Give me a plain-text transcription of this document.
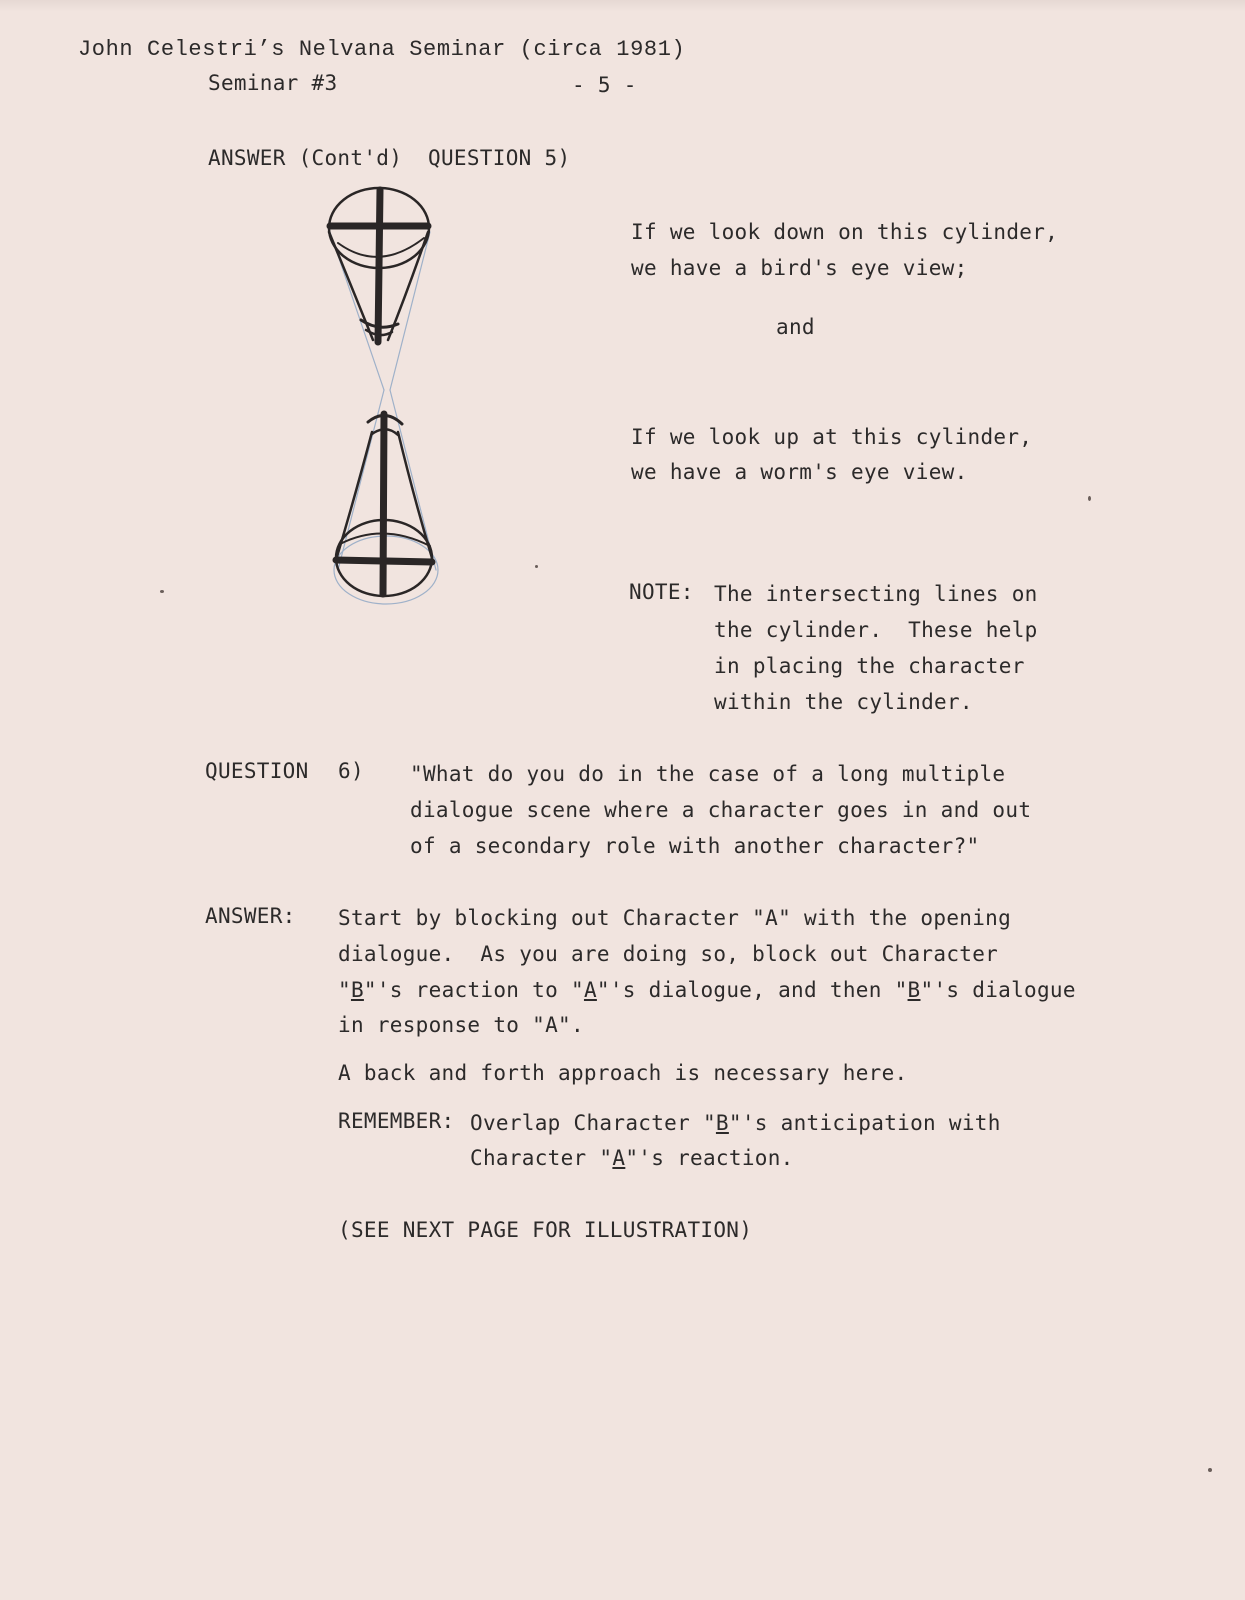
John Celestri’s Nelvana Seminar (circa 1981)
Seminar #3	- 5 -
ANSWER (Cont'd)  QUESTION 5)
If we look down on this cylinder,
we have a bird's eye view;
and
If we look up at this cylinder,
we have a worm's eye view.
NOTE: The intersecting lines on
the cylinder.  These help
in placing the character
within the cylinder.
QUESTION 6) "What do you do in the case of a long multiple
dialogue scene where a character goes in and out
of a secondary role with another character?"
ANSWER: Start by blocking out Character "A" with the opening
dialogue.  As you are doing so, block out Character
"B"'s reaction to "A"'s dialogue, and then "B"'s dialogue
in response to "A".
A back and forth approach is necessary here.
REMEMBER: Overlap Character "B"'s anticipation with
Character "A"'s reaction.
(SEE NEXT PAGE FOR ILLUSTRATION)
